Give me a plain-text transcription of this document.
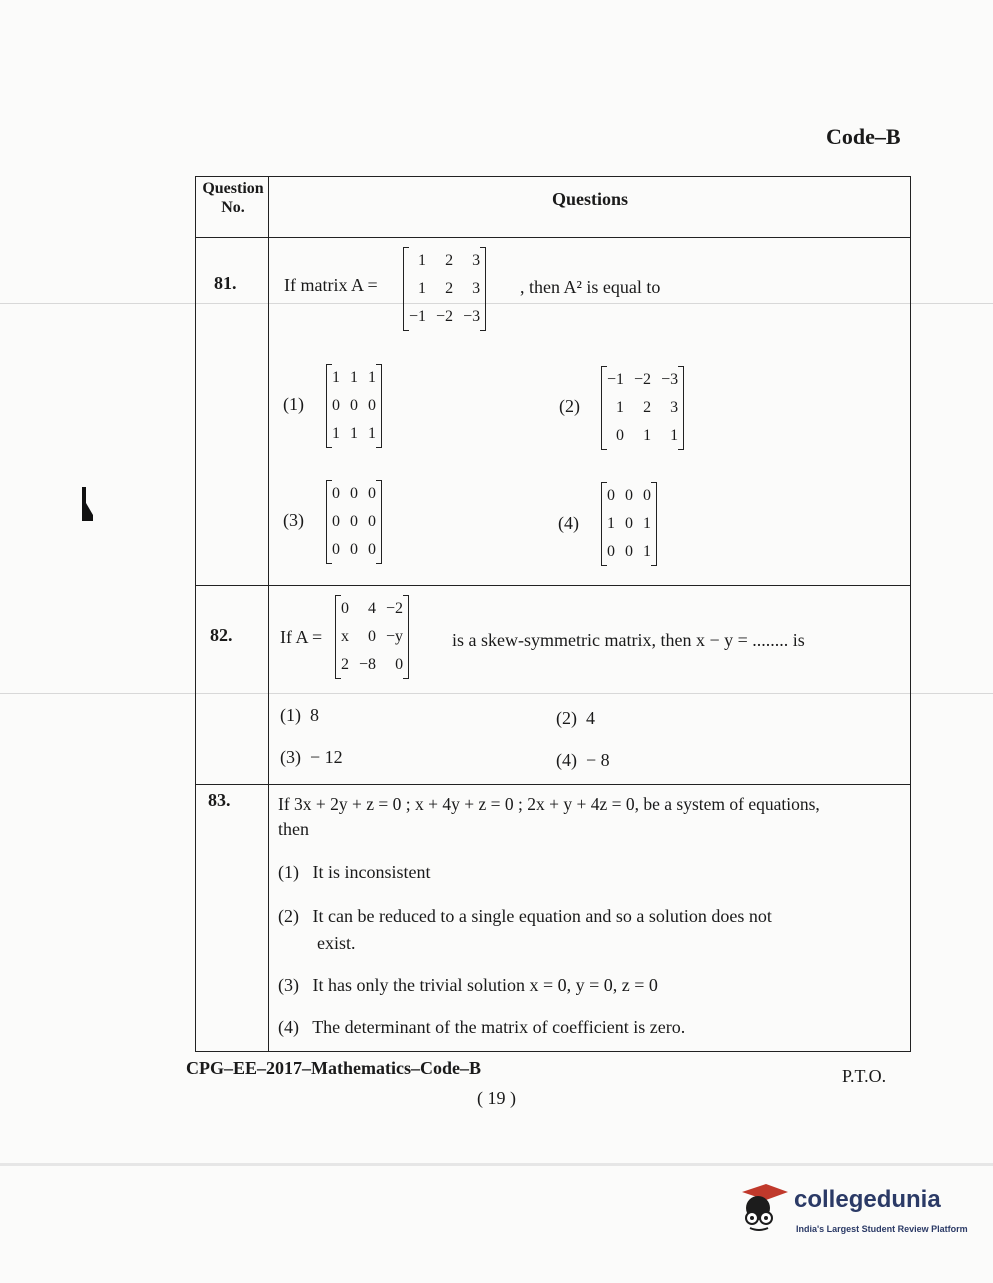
Code–B
Question No.	Questions
81.	If matrix A =
1	2	3
1	2	3
−1	−2	−3
, then A² is equal to
(1)
1	1	1
0	0	0
1	1	1
(2)
−1	−2	−3
1	2	3
0	1	1
(3)
0	0	0
0	0	0
0	0	0
(4)
0	0	0
1	0	1
0	0	1
82.	If A =
0	4	−2
x	0	−y
2	−8	0
is a skew-symmetric matrix, then x − y = ........ is
(1) 8	(2) 4
(3) − 12	(4) − 8
83.	If 3x + 2y + z = 0 ; x + 4y + z = 0 ; 2x + y + 4z = 0, be a system of equations,
then
(1) It is inconsistent
(2) It can be reduced to a single equation and so a solution does not
exist.
(3) It has only the trivial solution x = 0, y = 0, z = 0
(4) The determinant of the matrix of coefficient is zero.
CPG–EE–2017–Mathematics–Code–B	P.T.O.
( 19 )
collegedunia
India's Largest Student Review Platform
